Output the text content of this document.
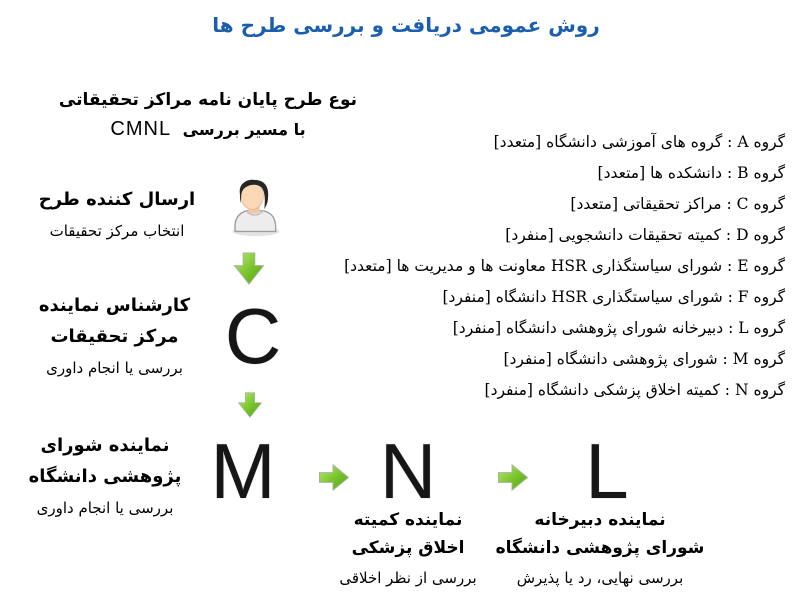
روش عمومی دریافت و بررسی طرح ها
نوع طرح پایان نامه مراکز تحقیقاتی
با مسیر بررسی CMNL
ارسال کننده طرح
انتخاب مرکز تحقیقات
کارشناس نماینده
مرکز تحقیقات
بررسی یا انجام داوری
نماینده شورای
پژوهشی دانشگاه
بررسی یا انجام داوری
C
M N L
نماینده کمیته
اخلاق پزشکی
بررسی از نظر اخلاقی
نماینده دبیرخانه
شورای پژوهشی دانشگاه
بررسی نهایی، رد یا پذیرش
گروه A : گروه های آموزشی دانشگاه [متعدد]
گروه B : دانشکده ها [متعدد]
گروه C : مراکز تحقیقاتی [متعدد]
گروه D : کمیته تحقیقات دانشجویی [منفرد]
گروه E : شورای سیاستگذاری HSR معاونت ها و مدیریت ها [متعدد]
گروه F : شورای سیاستگذاری HSR دانشگاه [منفرد]
گروه L : دبیرخانه شورای پژوهشی دانشگاه [منفرد]
گروه M : شورای پژوهشی دانشگاه [منفرد]
گروه N : کمیته اخلاق پزشکی دانشگاه [منفرد]
